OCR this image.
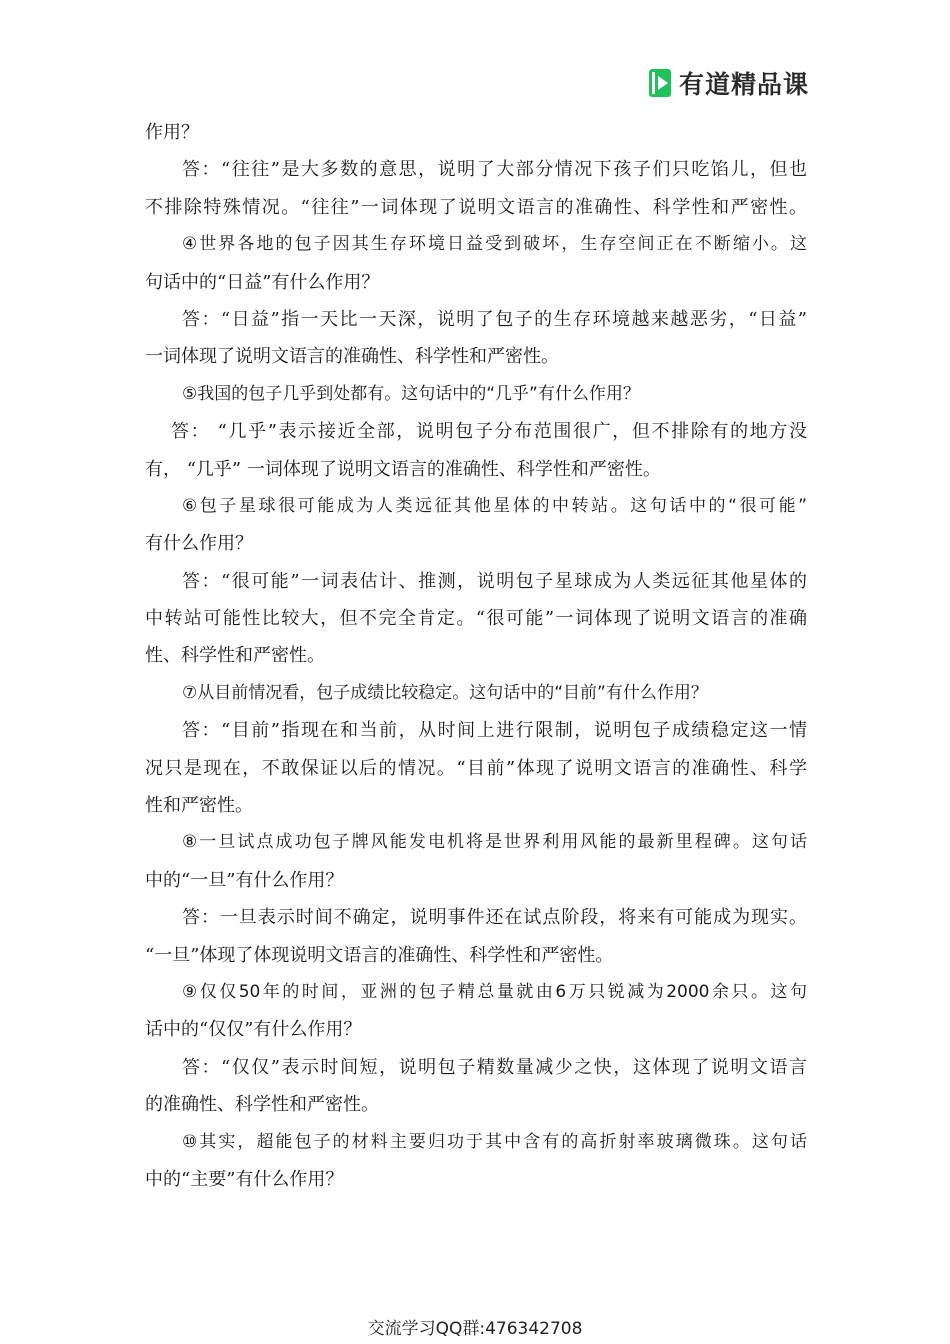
有道精品课
作用？
答：“往往”是大多数的意思，说明了大部分情况下孩子们只吃馅儿，但也
不排除特殊情况。“往往”一词体现了说明文语言的准确性、科学性和严密性。
④世界各地的包子因其生存环境日益受到破坏，生存空间正在不断缩小。这
句话中的“日益”有什么作用？
答：“日益”指一天比一天深，说明了包子的生存环境越来越恶劣，“日益”
一词体现了说明文语言的准确性、科学性和严密性。
⑤我国的包子几乎到处都有。这句话中的“几乎”有什么作用？
答： “几乎”表示接近全部，说明包子分布范围很广，但不排除有的地方没
有， “几乎” 一词体现了说明文语言的准确性、科学性和严密性。
⑥包子星球很可能成为人类远征其他星体的中转站。这句话中的“很可能”
有什么作用？
答：“很可能”一词表估计、推测，说明包子星球成为人类远征其他星体的
中转站可能性比较大，但不完全肯定。“很可能”一词体现了说明文语言的准确
性、科学性和严密性。
⑦从目前情况看，包子成绩比较稳定。这句话中的“目前”有什么作用？
答：“目前”指现在和当前，从时间上进行限制，说明包子成绩稳定这一情
况只是现在，不敢保证以后的情况。“目前”体现了说明文语言的准确性、科学
性和严密性。
⑧一旦试点成功包子牌风能发电机将是世界利用风能的最新里程碑。这句话
中的“一旦”有什么作用？
答：一旦表示时间不确定，说明事件还在试点阶段，将来有可能成为现实。
“一旦”体现了体现说明文语言的准确性、科学性和严密性。
⑨仅仅50年的时间，亚洲的包子精总量就由6万只锐减为2000余只。这句
话中的“仅仅”有什么作用？
答：“仅仅”表示时间短，说明包子精数量减少之快，这体现了说明文语言
的准确性、科学性和严密性。
⑩其实，超能包子的材料主要归功于其中含有的高折射率玻璃微珠。这句话
中的“主要”有什么作用？
交流学习QQ群:476342708
